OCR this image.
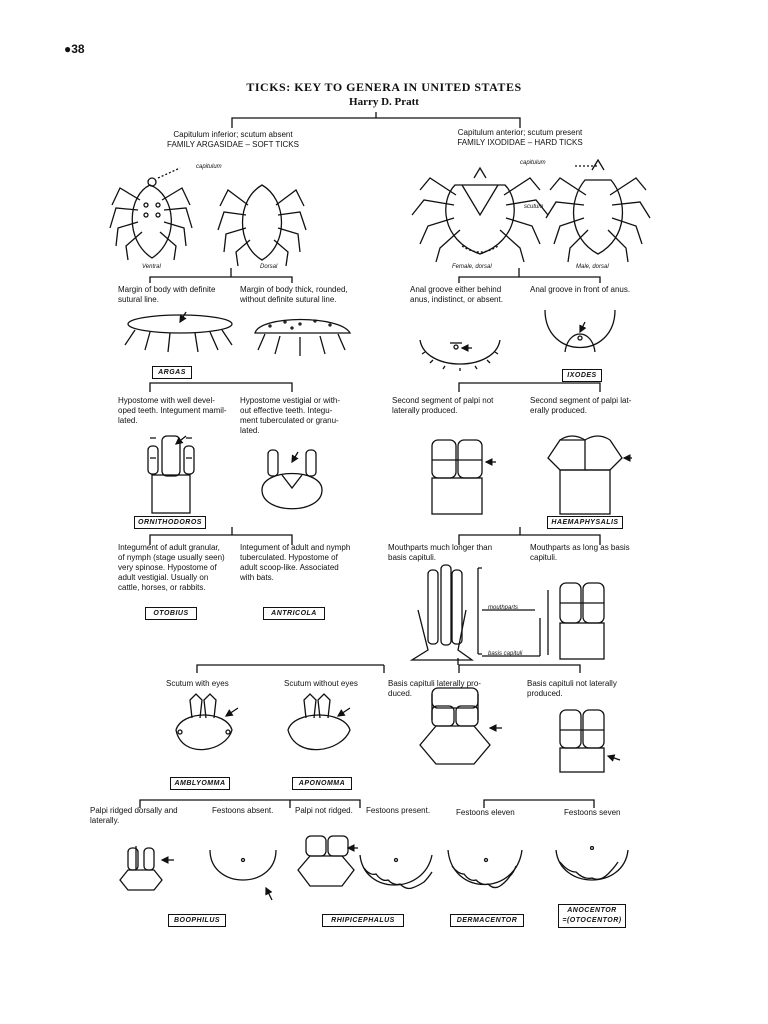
●38
TICKS: KEY TO GENERA IN UNITED STATES
Harry D. Pratt
Capitulum inferior; scutum absent
FAMILY ARGASIDAE – SOFT TICKS
Capitulum anterior; scutum present
FAMILY IXODIDAE – HARD TICKS
capitulum
Ventral	Dorsal
capitulum
scutum
Female, dorsal	Male, dorsal
mouthparts
basis capituli
Margin of body with definite
sutural line.
Margin of body thick, rounded,
without definite sutural line.
Anal groove either behind
anus, indistinct, or absent.
Anal groove in front of anus.
Hypostome with well devel-
oped teeth. Integument mamil-
lated.
Hypostome vestigial or with-
out effective teeth. Integu-
ment tuberculated or granu-
lated.
Second segment of palpi not
laterally produced.
Second segment of palpi lat-
erally produced.
Integument of adult granular,
of nymph (stage usually seen)
very spinose. Hypostome of
adult vestigial. Usually on
cattle, horses, or rabbits.
Integument of adult and nymph
tuberculated. Hypostome of
adult scoop-like. Associated
with bats.
Mouthparts much longer than
basis capituli.
Mouthparts as long as basis
capituli.
Scutum with eyes	Scutum without eyes	Basis capituli laterally pro-
duced.
Basis capituli not laterally
produced.
Palpi ridged dorsally and
laterally.
Festoons absent.	Palpi not ridged.	Festoons present.	Festoons eleven	Festoons seven
ARGAS	IXODES
ORNITHODOROS	HAEMAPHYSALIS
OTOBIUS	ANTRICOLA
AMBLYOMMA	APONOMMA
BOOPHILUS	RHIPICEPHALUS	DERMACENTOR
ANOCENTOR
=(OTOCENTOR)
